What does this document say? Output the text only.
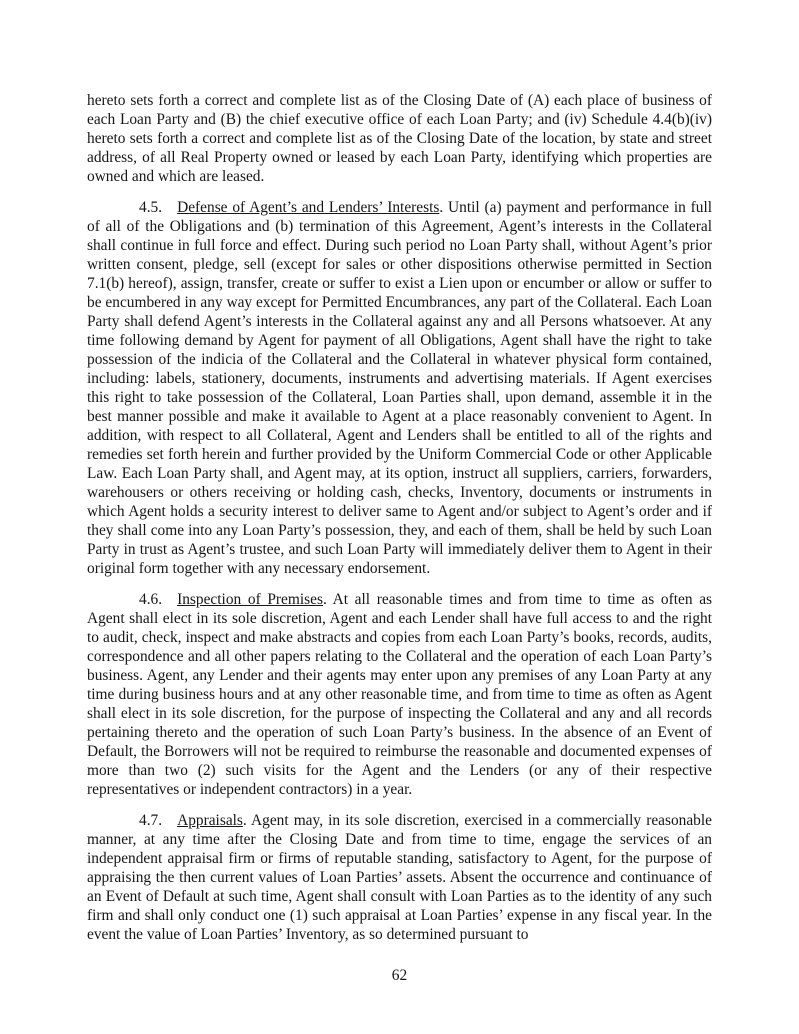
hereto sets forth a correct and complete list as of the Closing Date of (A) each place of business of each Loan Party and (B) the chief executive office of each Loan Party; and (iv) Schedule 4.4(b)(iv) hereto sets forth a correct and complete list as of the Closing Date of the location, by state and street address, of all Real Property owned or leased by each Loan Party, identifying which properties are owned and which are leased.

4.5. Defense of Agent’s and Lenders’ Interests. Until (a) payment and performance in full of all of the Obligations and (b) termination of this Agreement, Agent’s interests in the Collateral shall continue in full force and effect. During such period no Loan Party shall, without Agent’s prior written consent, pledge, sell (except for sales or other dispositions otherwise permitted in Section 7.1(b) hereof), assign, transfer, create or suffer to exist a Lien upon or encumber or allow or suffer to be encumbered in any way except for Permitted Encumbrances, any part of the Collateral. Each Loan Party shall defend Agent’s interests in the Collateral against any and all Persons whatsoever. At any time following demand by Agent for payment of all Obligations, Agent shall have the right to take possession of the indicia of the Collateral and the Collateral in whatever physical form contained, including: labels, stationery, documents, instruments and advertising materials. If Agent exercises this right to take possession of the Collateral, Loan Parties shall, upon demand, assemble it in the best manner possible and make it available to Agent at a place reasonably convenient to Agent. In addition, with respect to all Collateral, Agent and Lenders shall be entitled to all of the rights and remedies set forth herein and further provided by the Uniform Commercial Code or other Applicable Law. Each Loan Party shall, and Agent may, at its option, instruct all suppliers, carriers, forwarders, warehousers or others receiving or holding cash, checks, Inventory, documents or instruments in which Agent holds a security interest to deliver same to Agent and/or subject to Agent’s order and if they shall come into any Loan Party’s possession, they, and each of them, shall be held by such Loan Party in trust as Agent’s trustee, and such Loan Party will immediately deliver them to Agent in their original form together with any necessary endorsement.

4.6. Inspection of Premises. At all reasonable times and from time to time as often as Agent shall elect in its sole discretion, Agent and each Lender shall have full access to and the right to audit, check, inspect and make abstracts and copies from each Loan Party’s books, records, audits, correspondence and all other papers relating to the Collateral and the operation of each Loan Party’s business. Agent, any Lender and their agents may enter upon any premises of any Loan Party at any time during business hours and at any other reasonable time, and from time to time as often as Agent shall elect in its sole discretion, for the purpose of inspecting the Collateral and any and all records pertaining thereto and the operation of such Loan Party’s business. In the absence of an Event of Default, the Borrowers will not be required to reimburse the reasonable and documented expenses of more than two (2) such visits for the Agent and the Lenders (or any of their respective representatives or independent contractors) in a year.

4.7. Appraisals. Agent may, in its sole discretion, exercised in a commercially reasonable manner, at any time after the Closing Date and from time to time, engage the services of an independent appraisal firm or firms of reputable standing, satisfactory to Agent, for the purpose of appraising the then current values of Loan Parties’ assets. Absent the occurrence and continuance of an Event of Default at such time, Agent shall consult with Loan Parties as to the identity of any such firm and shall only conduct one (1) such appraisal at Loan Parties’ expense in any fiscal year. In the event the value of Loan Parties’ Inventory, as so determined pursuant to

62
